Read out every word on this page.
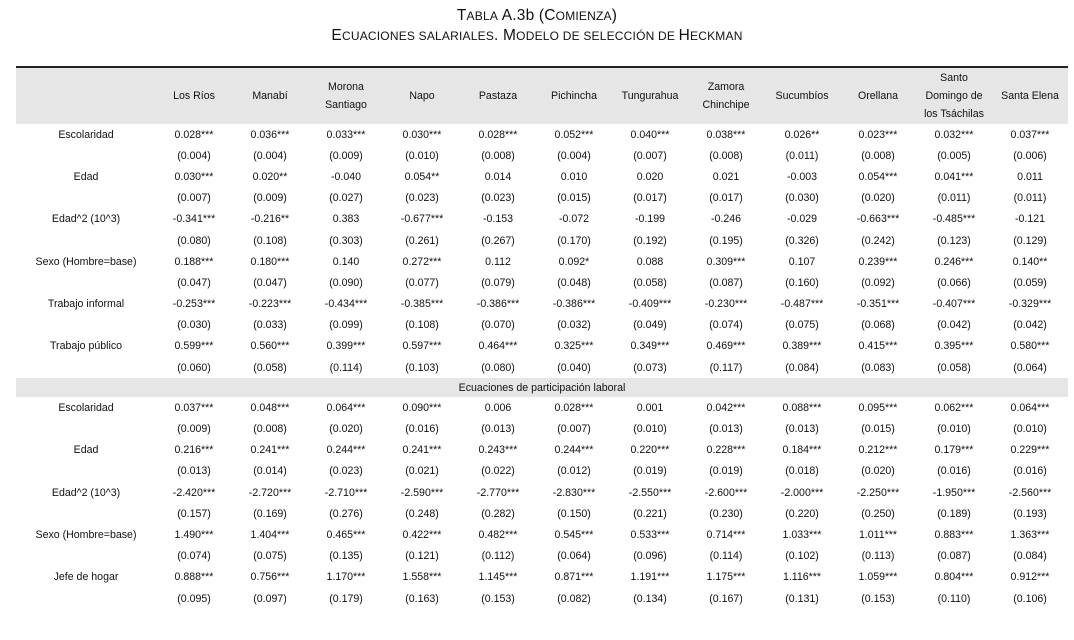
TABLA A.3b (COMIENZA)
ECUACIONES SALARIALES. MODELO DE SELECCIÓN DE HECKMAN
	Los Ríos	Manabí	Morona Santiago	Napo	Pastaza	Pichincha	Tungurahua	Zamora Chinchipe	Sucumbíos	Orellana	Santo Domingo de los Tsáchilas	Santa Elena
Escolaridad	0.028***	0.036***	0.033***	0.030***	0.028***	0.052***	0.040***	0.038***	0.026**	0.023***	0.032***	0.037***
	(0.004)	(0.004)	(0.009)	(0.010)	(0.008)	(0.004)	(0.007)	(0.008)	(0.011)	(0.008)	(0.005)	(0.006)
Edad	0.030***	0.020**	-0.040	0.054**	0.014	0.010	0.020	0.021	-0.003	0.054***	0.041***	0.011
	(0.007)	(0.009)	(0.027)	(0.023)	(0.023)	(0.015)	(0.017)	(0.017)	(0.030)	(0.020)	(0.011)	(0.011)
Edad^2 (10^3)	-0.341***	-0.216**	0.383	-0.677***	-0.153	-0.072	-0.199	-0.246	-0.029	-0.663***	-0.485***	-0.121
	(0.080)	(0.108)	(0.303)	(0.261)	(0.267)	(0.170)	(0.192)	(0.195)	(0.326)	(0.242)	(0.123)	(0.129)
Sexo (Hombre=base)	0.188***	0.180***	0.140	0.272***	0.112	0.092*	0.088	0.309***	0.107	0.239***	0.246***	0.140**
	(0.047)	(0.047)	(0.090)	(0.077)	(0.079)	(0.048)	(0.058)	(0.087)	(0.160)	(0.092)	(0.066)	(0.059)
Trabajo informal	-0.253***	-0.223***	-0.434***	-0.385***	-0.386***	-0.386***	-0.409***	-0.230***	-0.487***	-0.351***	-0.407***	-0.329***
	(0.030)	(0.033)	(0.099)	(0.108)	(0.070)	(0.032)	(0.049)	(0.074)	(0.075)	(0.068)	(0.042)	(0.042)
Trabajo público	0.599***	0.560***	0.399***	0.597***	0.464***	0.325***	0.349***	0.469***	0.389***	0.415***	0.395***	0.580***
	(0.060)	(0.058)	(0.114)	(0.103)	(0.080)	(0.040)	(0.073)	(0.117)	(0.084)	(0.083)	(0.058)	(0.064)
Ecuaciones de participación laboral												
Escolaridad	0.037***	0.048***	0.064***	0.090***	0.006	0.028***	0.001	0.042***	0.088***	0.095***	0.062***	0.064***
	(0.009)	(0.008)	(0.020)	(0.016)	(0.013)	(0.007)	(0.010)	(0.013)	(0.013)	(0.015)	(0.010)	(0.010)
Edad	0.216***	0.241***	0.244***	0.241***	0.243***	0.244***	0.220***	0.228***	0.184***	0.212***	0.179***	0.229***
	(0.013)	(0.014)	(0.023)	(0.021)	(0.022)	(0.012)	(0.019)	(0.019)	(0.018)	(0.020)	(0.016)	(0.016)
Edad^2 (10^3)	-2.420***	-2.720***	-2.710***	-2.590***	-2.770***	-2.830***	-2.550***	-2.600***	-2.000***	-2.250***	-1.950***	-2.560***
	(0.157)	(0.169)	(0.276)	(0.248)	(0.282)	(0.150)	(0.221)	(0.230)	(0.220)	(0.250)	(0.189)	(0.193)
Sexo (Hombre=base)	1.490***	1.404***	0.465***	0.422***	0.482***	0.545***	0.533***	0.714***	1.033***	1.011***	0.883***	1.363***
	(0.074)	(0.075)	(0.135)	(0.121)	(0.112)	(0.064)	(0.096)	(0.114)	(0.102)	(0.113)	(0.087)	(0.084)
Jefe de hogar	0.888***	0.756***	1.170***	1.558***	1.145***	0.871***	1.191***	1.175***	1.116***	1.059***	0.804***	0.912***
	(0.095)	(0.097)	(0.179)	(0.163)	(0.153)	(0.082)	(0.134)	(0.167)	(0.131)	(0.153)	(0.110)	(0.106)
